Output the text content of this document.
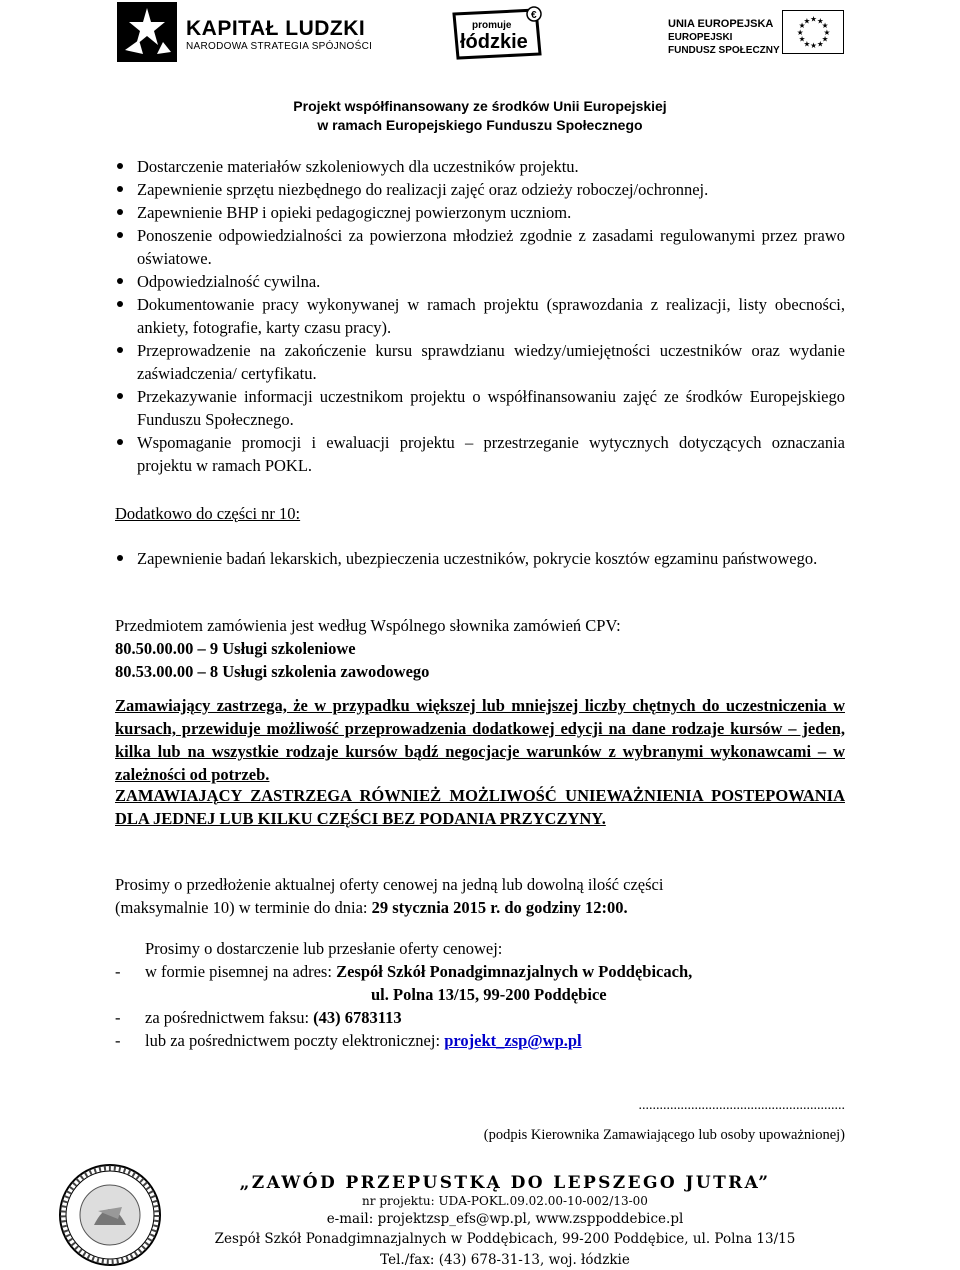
KAPITAŁ LUDZKI
NARODOWA STRATEGIA SPÓJNOŚCI
€
promuje
łódzkie
UNIA EUROPEJSKA
EUROPEJSKI
FUNDUSZ SPOŁECZNY
★ ★
★
★
★
★
★
★
★
★
★
★
Projekt współfinansowany ze środków Unii Europejskiej
w ramach Europejskiego Funduszu Społecznego
Dostarczenie materiałów szkoleniowych dla uczestników projektu.
Zapewnienie sprzętu niezbędnego do realizacji zajęć oraz odzieży roboczej/ochronnej.
Zapewnienie BHP i opieki pedagogicznej powierzonym uczniom.
Ponoszenie odpowiedzialności za powierzona młodzież zgodnie z zasadami regulowanymi przez prawo oświatowe.
Odpowiedzialność cywilna.
Dokumentowanie pracy wykonywanej w ramach projektu (sprawozdania z realizacji, listy obecności, ankiety, fotografie, karty czasu pracy).
Przeprowadzenie na zakończenie kursu sprawdzianu wiedzy/umiejętności uczestników oraz wydanie zaświadczenia/ certyfikatu.
Przekazywanie informacji uczestnikom projektu o współfinansowaniu zajęć ze środków Europejskiego Funduszu Społecznego.
Wspomaganie promocji i ewaluacji projektu – przestrzeganie wytycznych dotyczących oznaczania projektu w ramach POKL.
Dodatkowo do części nr 10:
Zapewnienie badań lekarskich, ubezpieczenia uczestników, pokrycie kosztów egzaminu państwowego.
Przedmiotem zamówienia jest według Wspólnego słownika zamówień CPV:
80.50.00.00 – 9 Usługi szkoleniowe
80.53.00.00 – 8 Usługi szkolenia zawodowego
Zamawiający zastrzega, że w przypadku większej lub mniejszej liczby chętnych do uczestniczenia w kursach, przewiduje możliwość przeprowadzenia dodatkowej edycji na dane rodzaje kursów – jeden, kilka lub na wszystkie rodzaje kursów bądź negocjacje warunków z wybranymi wykonawcami – w zależności od potrzeb.
ZAMAWIAJĄCY ZASTRZEGA RÓWNIEŻ MOŻLIWOŚĆ UNIEWAŻNIENIA POSTEPOWANIA DLA JEDNEJ LUB KILKU CZĘŚCI BEZ PODANIA PRZYCZYNY.
Prosimy o przedłożenie aktualnej oferty cenowej na jedną lub dowolną ilość części
(maksymalnie 10) w terminie do dnia: 29 stycznia 2015 r. do godziny 12:00.
Prosimy o dostarczenie lub przesłanie oferty cenowej:
- w formie pisemnej na adres: Zespół Szkół Ponadgimnazjalnych w Poddębicach,
ul. Polna 13/15, 99-200 Poddębice
- za pośrednictwem faksu: (43) 6783113
- lub za pośrednictwem poczty elektronicznej: projekt_zsp@wp.pl
...........................................................
(podpis Kierownika Zamawiającego lub osoby upoważnionej)
„ZAWÓD PRZEPUSTKĄ DO LEPSZEGO JUTRA”
nr projektu: UDA-POKL.09.02.00-10-002/13-00
e-mail: projektzsp_efs@wp.pl, www.zsppoddebice.pl
Zespół Szkół Ponadgimnazjalnych w Poddębicach, 99-200 Poddębice, ul. Polna 13/15
Tel./fax: (43) 678-31-13, woj. łódzkie
